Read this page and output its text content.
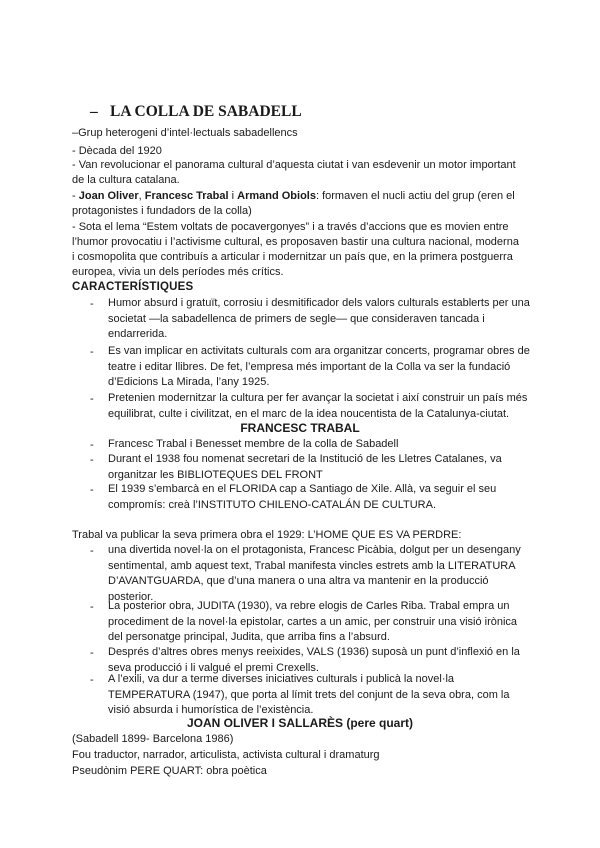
– LA COLLA DE SABADELL

–Grup heterogeni d’intel·lectuals sabadellencs

- Dècada del 1920

- Van revolucionar el panorama cultural d’aquesta ciutat i van esdevenir un motor important

de la cultura catalana.

- Joan Oliver, Francesc Trabal i Armand Obiols: formaven el nucli actiu del grup (eren el

protagonistes i fundadors de la colla)

- Sota el lema “Estem voltats de pocavergonyes” i a través d’accions que es movien entre

l’humor provocatiu i l’activisme cultural, es proposaven bastir una cultura nacional, moderna

i cosmopolita que contribuís a articular i modernitzar un país que, en la primera postguerra

europea, vivia un dels períodes més crítics.

CARACTERÍSTIQUES

- Humor absurd i gratuït, corrosiu i desmitificador dels valors culturals establerts per una societat —la sabadellenca de primers de segle— que consideraven tancada i endarrerida.

- Es van implicar en activitats culturals com ara organitzar concerts, programar obres de teatre i editar llibres. De fet, l’empresa més important de la Colla va ser la fundació d’Edicions La Mirada, l’any 1925.

- Pretenien modernitzar la cultura per fer avançar la societat i així construir un país més equilibrat, culte i civilitzat, en el marc de la idea noucentista de la Catalunya-ciutat.

FRANCESC TRABAL

- Francesc Trabal i Benesset membre de la colla de Sabadell

- Durant el 1938 fou nomenat secretari de la Institució de les Lletres Catalanes, va organitzar les BIBLIOTEQUES DEL FRONT

- El 1939 s’embarcà en el FLORIDA cap a Santiago de Xile. Allà, va seguir el seu compromís: creà l’INSTITUTO CHILENO-CATALÁN DE CULTURA.

Trabal va publicar la seva primera obra el 1929: L’HOME QUE ES VA PERDRE:

- una divertida novel·la on el protagonista, Francesc Picàbia, dolgut per un desengany sentimental, amb aquest text, Trabal manifesta vincles estrets amb la LITERATURA D’AVANTGUARDA, que d’una manera o una altra va mantenir en la producció posterior.

- La posterior obra, JUDITA (1930), va rebre elogis de Carles Riba. Trabal empra un procediment de la novel·la epistolar, cartes a un amic, per construir una visió irònica del personatge principal, Judita, que arriba fins a l’absurd.

- Després d’altres obres menys reeixides, VALS (1936) suposà un punt d’inflexió en la seva producció i li valgué el premi Crexells.

- A l’exili, va dur a terme diverses iniciatives culturals i publicà la novel·la TEMPERATURA (1947), que porta al límit trets del conjunt de la seva obra, com la visió absurda i humorística de l’existència.

JOAN OLIVER I SALLARÈS (pere quart)

(Sabadell 1899- Barcelona 1986)

Fou traductor, narrador, articulista, activista cultural i dramaturg

Pseudònim PERE QUART: obra poètica
